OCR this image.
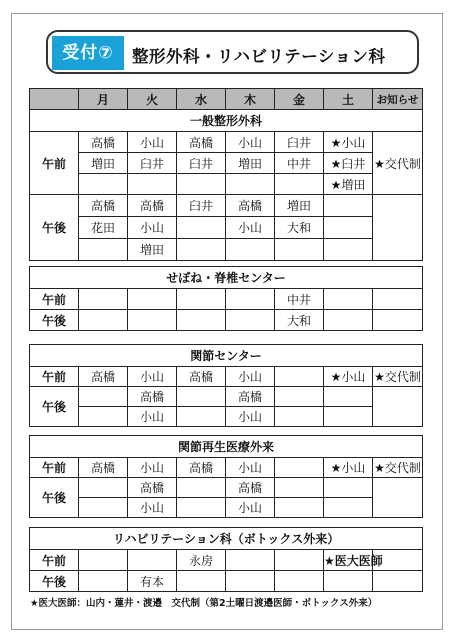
受付⑦	整形外科・リハビリテーション科
	月	火	水	木	金	土	お知らせ
一般整形外科							
午前	高橋	小山	高橋	小山	臼井	★小山	★交代制
	増田	臼井	臼井	増田	中井	★臼井	
						★増田	
午後	高橋	高橋	臼井	高橋	増田		
	花田	小山		小山	大和		
		増田					
せぼね・脊椎センター							
午前					中井		
午後					大和		
関節センター							
午前	高橋	小山	高橋	小山		★小山	★交代制
午後		高橋		高橋			
		小山		小山			
関節再生医療外来							
午前	高橋	小山	高橋	小山		★小山	★交代制
午後		高橋		高橋			
		小山		小山			
リハビリテーション科（ボトックス外来）							
午前			永房			★医大医師	
午後		有本					
★医大医師：山内・蓮井・渡邉　交代制（第2土曜日渡邉医師・ボトックス外来）
